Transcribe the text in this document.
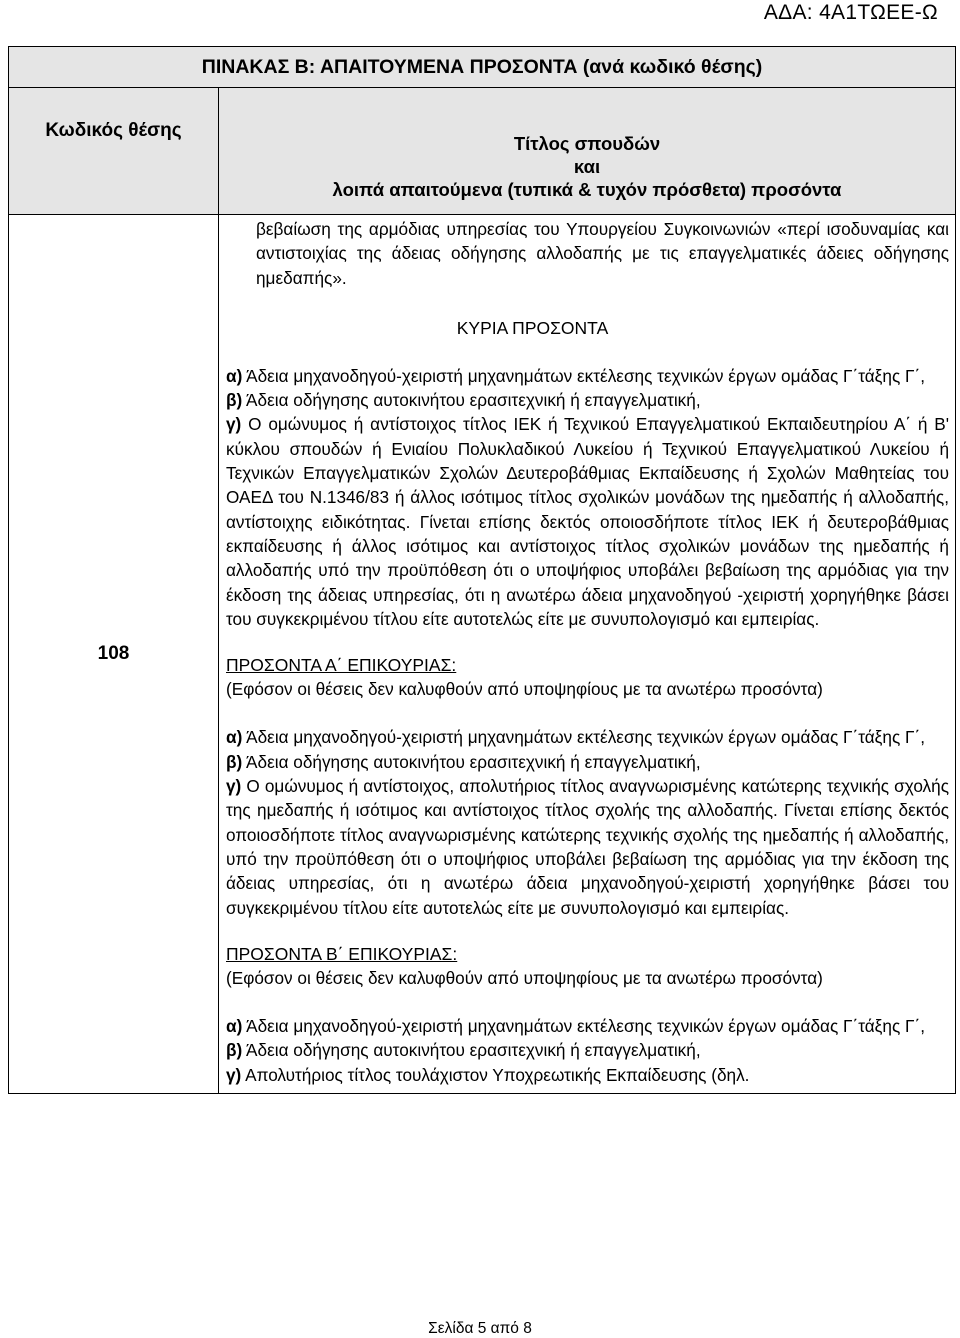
ΑΔΑ: 4Α1ΤΩΕΕ-Ω
ΠΙΝΑΚΑΣ Β: ΑΠΑΙΤΟΥΜΕΝΑ ΠΡΟΣΟΝΤΑ (ανά κωδικό θέσης)
Κωδικός θέσης
Τίτλος σπουδών
και
λοιπά απαιτούμενα (τυπικά & τυχόν πρόσθετα) προσόντα
108

βεβαίωση της αρμόδιας υπηρεσίας του Υπουργείου Συγκοινωνιών «περί ισοδυναμίας και αντιστοιχίας της άδειας οδήγησης αλλοδαπής με τις επαγγελματικές άδειες οδήγησης ημεδαπής».

ΚΥΡΙΑ ΠΡΟΣΟΝΤΑ

α) Άδεια μηχανοδηγού-χειριστή μηχανημάτων εκτέλεσης τεχνικών έργων ομάδας Γ΄τάξης Γ΄,

β) Άδεια οδήγησης αυτοκινήτου ερασιτεχνική ή επαγγελματική,

γ) Ο ομώνυμος ή αντίστοιχος τίτλος ΙΕΚ ή Τεχνικού Επαγγελματικού Εκπαιδευτηρίου Α΄ ή Β' κύκλου σπουδών ή Ενιαίου Πολυκλαδικού Λυκείου ή Τεχνικού Επαγγελματικού Λυκείου ή Τεχνικών Επαγγελματικών Σχολών Δευτεροβάθμιας Εκπαίδευσης ή Σχολών Μαθητείας του ΟΑΕΔ του Ν.1346/83 ή άλλος ισότιμος τίτλος σχολικών μονάδων της ημεδαπής ή αλλοδαπής, αντίστοιχης ειδικότητας. Γίνεται επίσης δεκτός οποιοσδήποτε τίτλος ΙΕΚ ή δευτεροβάθμιας εκπαίδευσης ή άλλος ισότιμος και αντίστοιχος τίτλος σχολικών μονάδων της ημεδαπής ή αλλοδαπής υπό την προϋπόθεση ότι ο υποψήφιος υποβάλει βεβαίωση της αρμόδιας για την έκδοση της άδειας υπηρεσίας, ότι η ανωτέρω άδεια μηχανοδηγού -χειριστή χορηγήθηκε βάσει του συγκεκριμένου τίτλου είτε αυτοτελώς είτε με συνυπολογισμό και εμπειρίας.

ΠΡΟΣΟΝΤΑ Α΄ ΕΠΙΚΟΥΡΙΑΣ:

(Εφόσον οι θέσεις δεν καλυφθούν από υποψηφίους με τα ανωτέρω προσόντα)

α) Άδεια μηχανοδηγού-χειριστή μηχανημάτων εκτέλεσης τεχνικών έργων ομάδας Γ΄τάξης Γ΄,

β) Άδεια οδήγησης αυτοκινήτου ερασιτεχνική ή επαγγελματική,

γ) Ο ομώνυμος ή αντίστοιχος, απολυτήριος τίτλος αναγνωρισμένης κατώτερης τεχνικής σχολής της ημεδαπής ή ισότιμος και αντίστοιχος τίτλος σχολής της αλλοδαπής. Γίνεται επίσης δεκτός οποιοσδήποτε τίτλος αναγνωρισμένης κατώτερης τεχνικής σχολής της ημεδαπής ή αλλοδαπής, υπό την προϋπόθεση ότι ο υποψήφιος υποβάλει βεβαίωση της αρμόδιας για την έκδοση της άδειας υπηρεσίας, ότι η ανωτέρω άδεια μηχανοδηγού-χειριστή χορηγήθηκε βάσει του συγκεκριμένου τίτλου είτε αυτοτελώς είτε με συνυπολογισμό και εμπειρίας.

ΠΡΟΣΟΝΤΑ Β΄ ΕΠΙΚΟΥΡΙΑΣ:

(Εφόσον οι θέσεις δεν καλυφθούν από υποψηφίους με τα ανωτέρω προσόντα)

α) Άδεια μηχανοδηγού-χειριστή μηχανημάτων εκτέλεσης τεχνικών έργων ομάδας Γ΄τάξης Γ΄,

β) Άδεια οδήγησης αυτοκινήτου ερασιτεχνική ή επαγγελματική,

γ) Απολυτήριος τίτλος τουλάχιστον Υποχρεωτικής Εκπαίδευσης (δηλ.

Σελίδα 5 από 8
